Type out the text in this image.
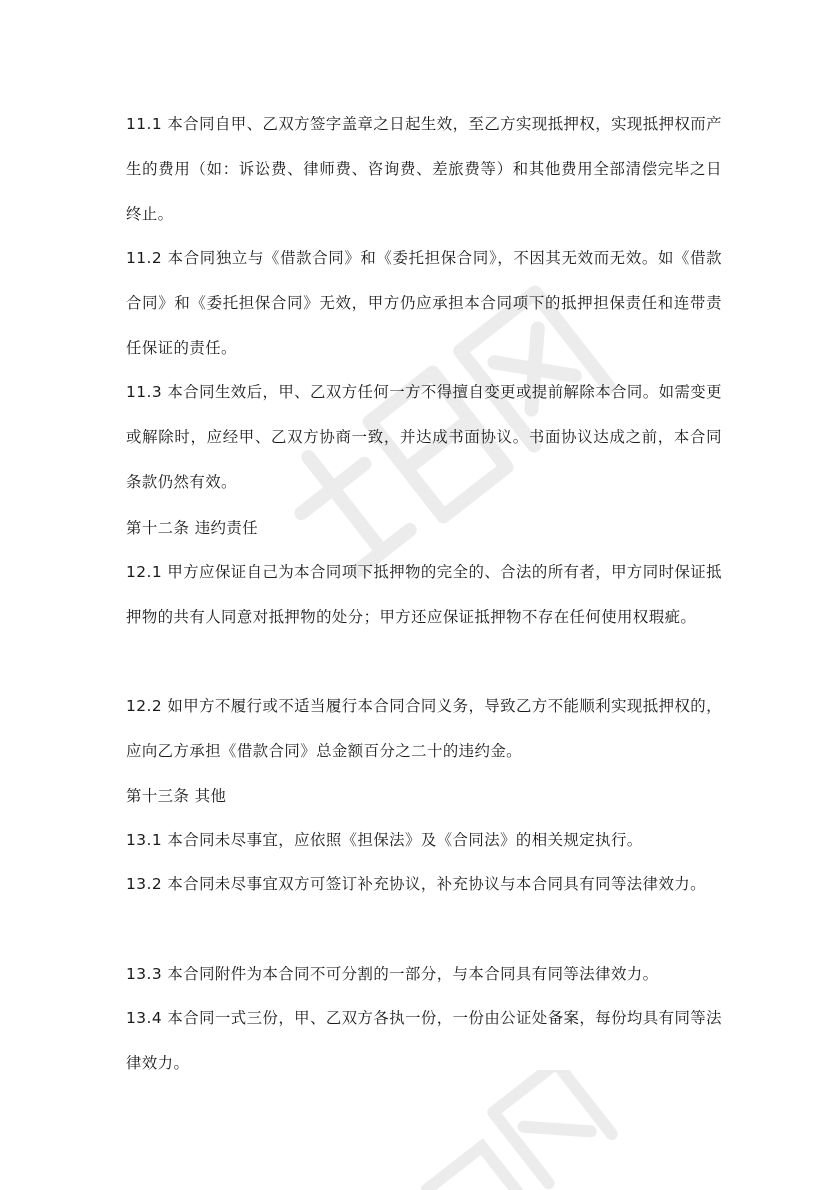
11.1 本合同自甲、乙双方签字盖章之日起生效，至乙方实现抵押权，实现抵押权而产生的费用（如：诉讼费、律师费、咨询费、差旅费等）和其他费用全部清偿完毕之日终止。

11.2 本合同独立与《借款合同》和《委托担保合同》，不因其无效而无效。如《借款合同》和《委托担保合同》无效，甲方仍应承担本合同项下的抵押担保责任和连带责任保证的责任。

11.3 本合同生效后，甲、乙双方任何一方不得擅自变更或提前解除本合同。如需变更或解除时，应经甲、乙双方协商一致，并达成书面协议。书面协议达成之前，本合同条款仍然有效。

第十二条 违约责任

12.1 甲方应保证自己为本合同项下抵押物的完全的、合法的所有者，甲方同时保证抵押物的共有人同意对抵押物的处分；甲方还应保证抵押物不存在任何使用权瑕疵。

12.2 如甲方不履行或不适当履行本合同合同义务，导致乙方不能顺利实现抵押权的，应向乙方承担《借款合同》总金额百分之二十的违约金。

第十三条 其他

13.1 本合同未尽事宜，应依照《担保法》及《合同法》的相关规定执行。

13.2 本合同未尽事宜双方可签订补充协议，补充协议与本合同具有同等法律效力。

13.3 本合同附件为本合同不可分割的一部分，与本合同具有同等法律效力。

13.4 本合同一式三份，甲、乙双方各执一份，一份由公证处备案，每份均具有同等法律效力。
